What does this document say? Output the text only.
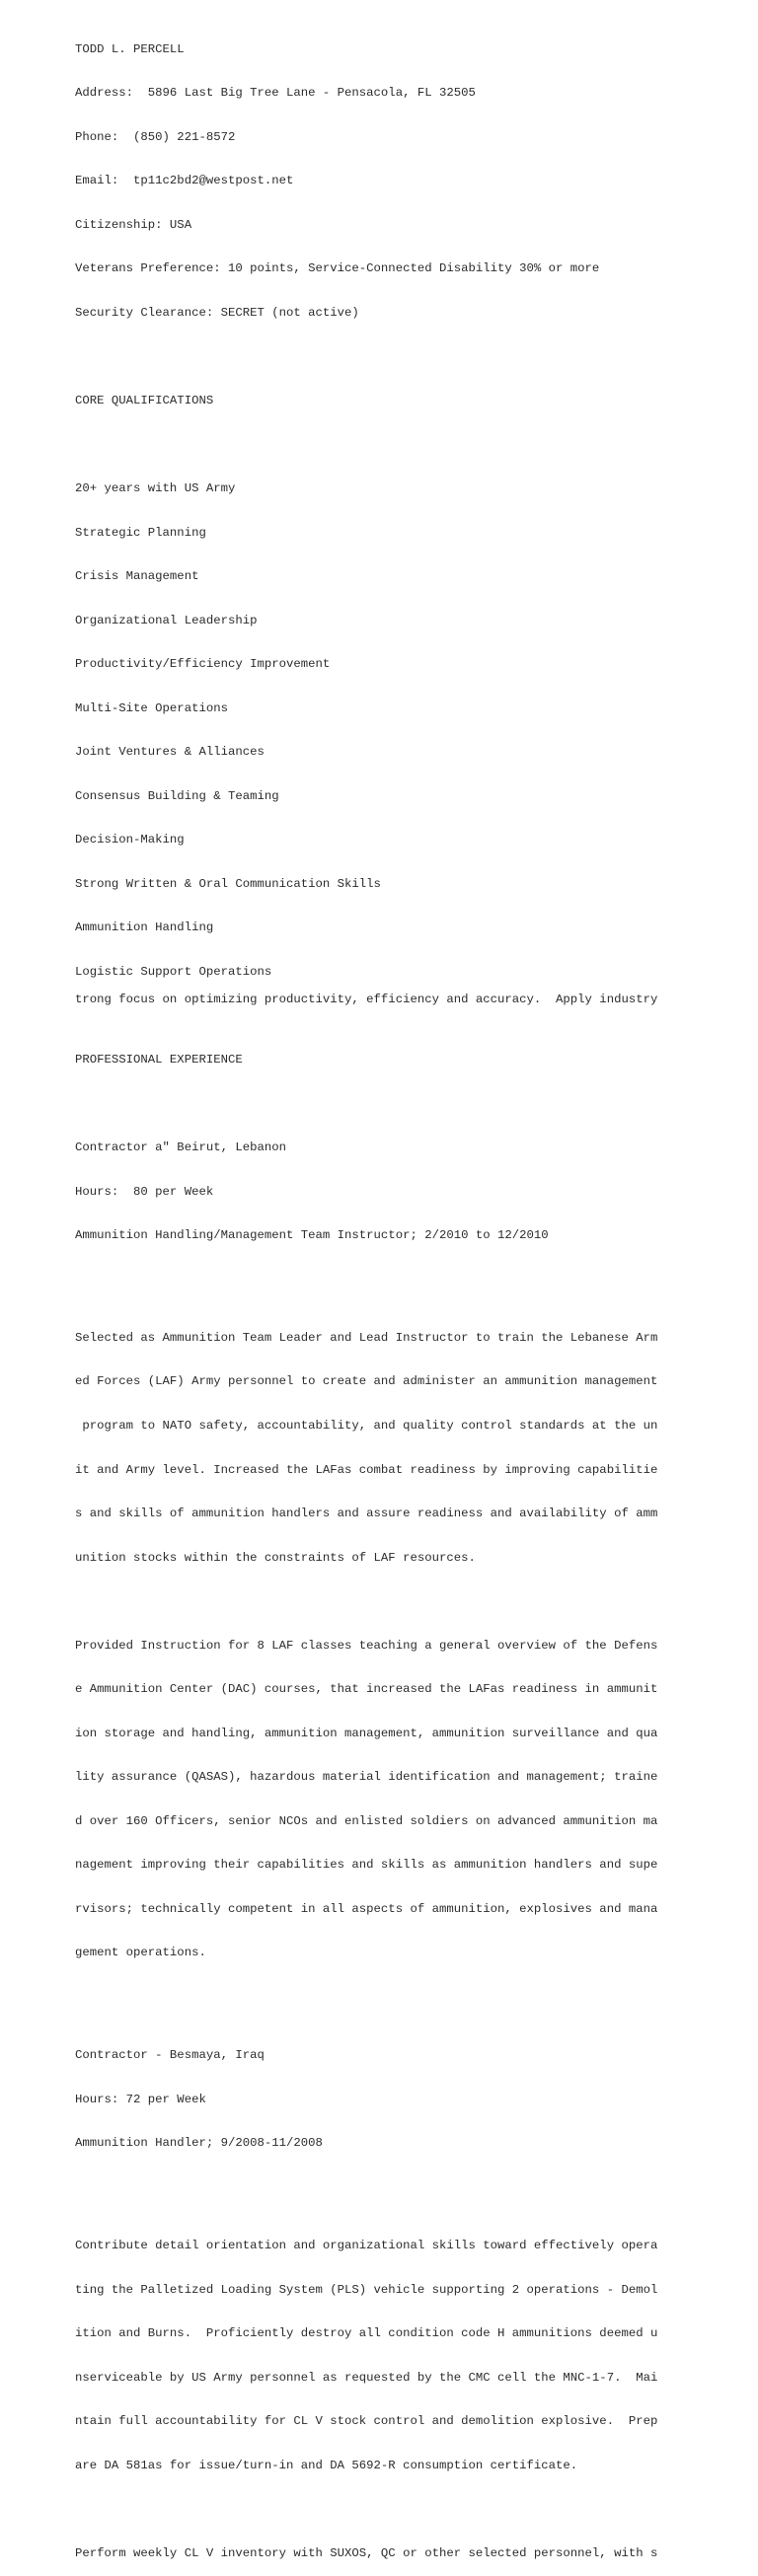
TODD L. PERCELL

Address:  5896 Last Big Tree Lane - Pensacola, FL 32505

Phone:  (850) 221-8572

Email:  tp11c2bd2@westpost.net

Citizenship: USA

Veterans Preference: 10 points, Service-Connected Disability 30% or more

Security Clearance: SECRET (not active)

CORE QUALIFICATIONS

20+ years with US Army

Strategic Planning

Crisis Management

Organizational Leadership

Productivity/Efficiency Improvement

Multi-Site Operations

Joint Ventures & Alliances

Consensus Building & Teaming

Decision-Making

Strong Written & Oral Communication Skills

Ammunition Handling

Logistic Support Operations

PROFESSIONAL EXPERIENCE

Contractor a" Beirut, Lebanon

Hours:  80 per Week

Ammunition Handling/Management Team Instructor; 2/2010 to 12/2010

Selected as Ammunition Team Leader and Lead Instructor to train the Lebanese Arm

ed Forces (LAF) Army personnel to create and administer an ammunition management

program to NATO safety, accountability, and quality control standards at the un

it and Army level. Increased the LAFas combat readiness by improving capabilitie

s and skills of ammunition handlers and assure readiness and availability of amm

unition stocks within the constraints of LAF resources.

Provided Instruction for 8 LAF classes teaching a general overview of the Defens

e Ammunition Center (DAC) courses, that increased the LAFas readiness in ammunit

ion storage and handling, ammunition management, ammunition surveillance and qua

lity assurance (QASAS), hazardous material identification and management; traine

d over 160 Officers, senior NCOs and enlisted soldiers on advanced ammunition ma

nagement improving their capabilities and skills as ammunition handlers and supe

rvisors; technically competent in all aspects of ammunition, explosives and mana

gement operations.

Contractor - Besmaya, Iraq

Hours: 72 per Week

Ammunition Handler; 9/2008-11/2008

Contribute detail orientation and organizational skills toward effectively opera

ting the Palletized Loading System (PLS) vehicle supporting 2 operations - Demol

ition and Burns.  Proficiently destroy all condition code H ammunitions deemed u

nserviceable by US Army personnel as requested by the CMC cell the MNC-1-7.  Mai

ntain full accountability for CL V stock control and demolition explosive.  Prep

are DA 581as for issue/turn-in and DA 5692-R consumption certificate.

Perform weekly CL V inventory with SUXOS, QC or other selected personnel, with s

trong focus on optimizing productivity, efficiency and accuracy.  Apply industry
